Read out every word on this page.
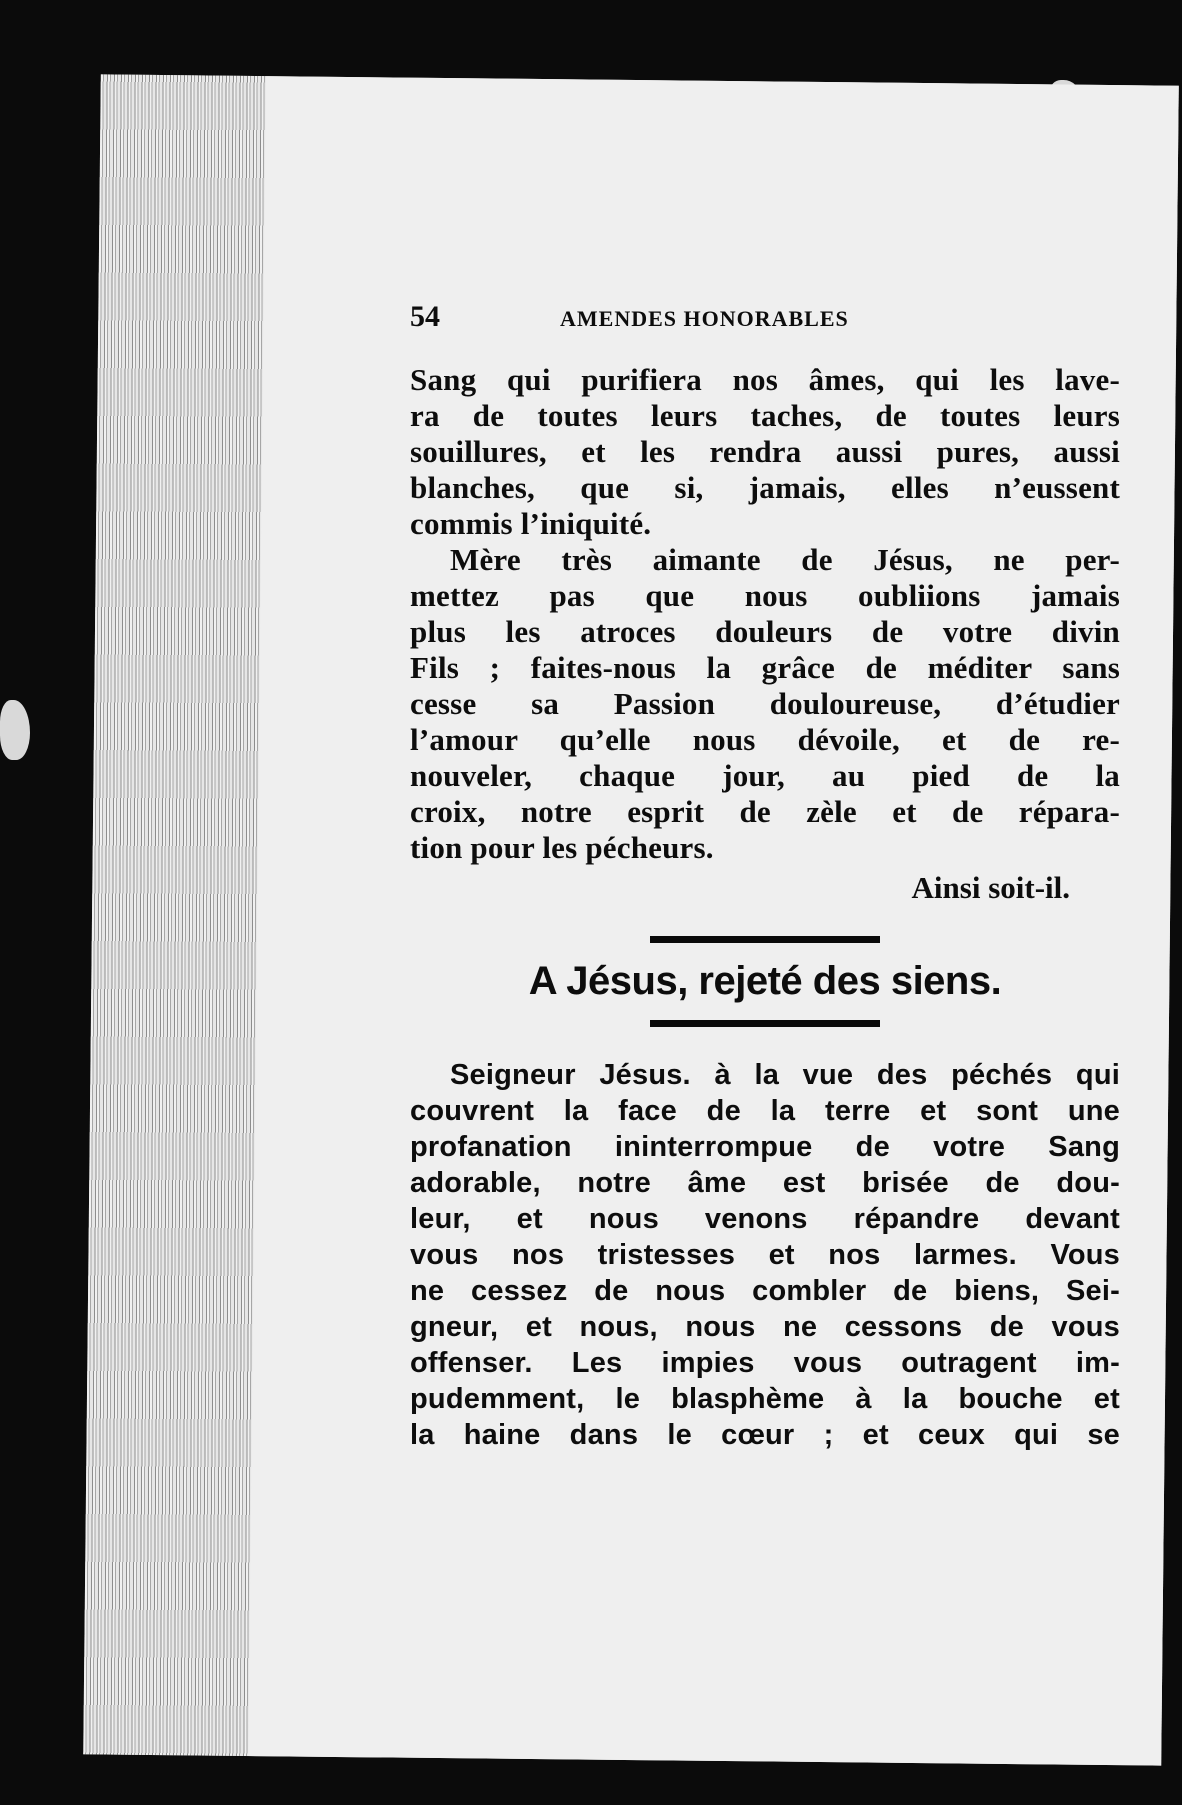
54	AMENDES HONORABLES
Sang qui purifiera nos âmes, qui les lave-
ra de toutes leurs taches, de toutes leurs
souillures, et les rendra aussi pures, aussi
blanches, que si, jamais, elles n’eussent
commis l’iniquité.
Mère très aimante de Jésus, ne per-
mettez pas que nous oubliions jamais
plus les atroces douleurs de votre divin
Fils ; faites-nous la grâce de méditer sans
cesse sa Passion douloureuse, d’étudier
l’amour qu’elle nous dévoile, et de re-
nouveler, chaque jour, au pied de la
croix, notre esprit de zèle et de répara-
tion pour les pécheurs.
Ainsi soit-il.
A Jésus, rejeté des siens.
Seigneur Jésus. à la vue des péchés qui
couvrent la face de la terre et sont une
profanation ininterrompue de votre Sang
adorable, notre âme est brisée de dou-
leur, et nous venons répandre devant
vous nos tristesses et nos larmes. Vous
ne cessez de nous combler de biens, Sei-
gneur, et nous, nous ne cessons de vous
offenser. Les impies vous outragent im-
pudemment, le blasphème à la bouche et
la haine dans le cœur ; et ceux qui se
